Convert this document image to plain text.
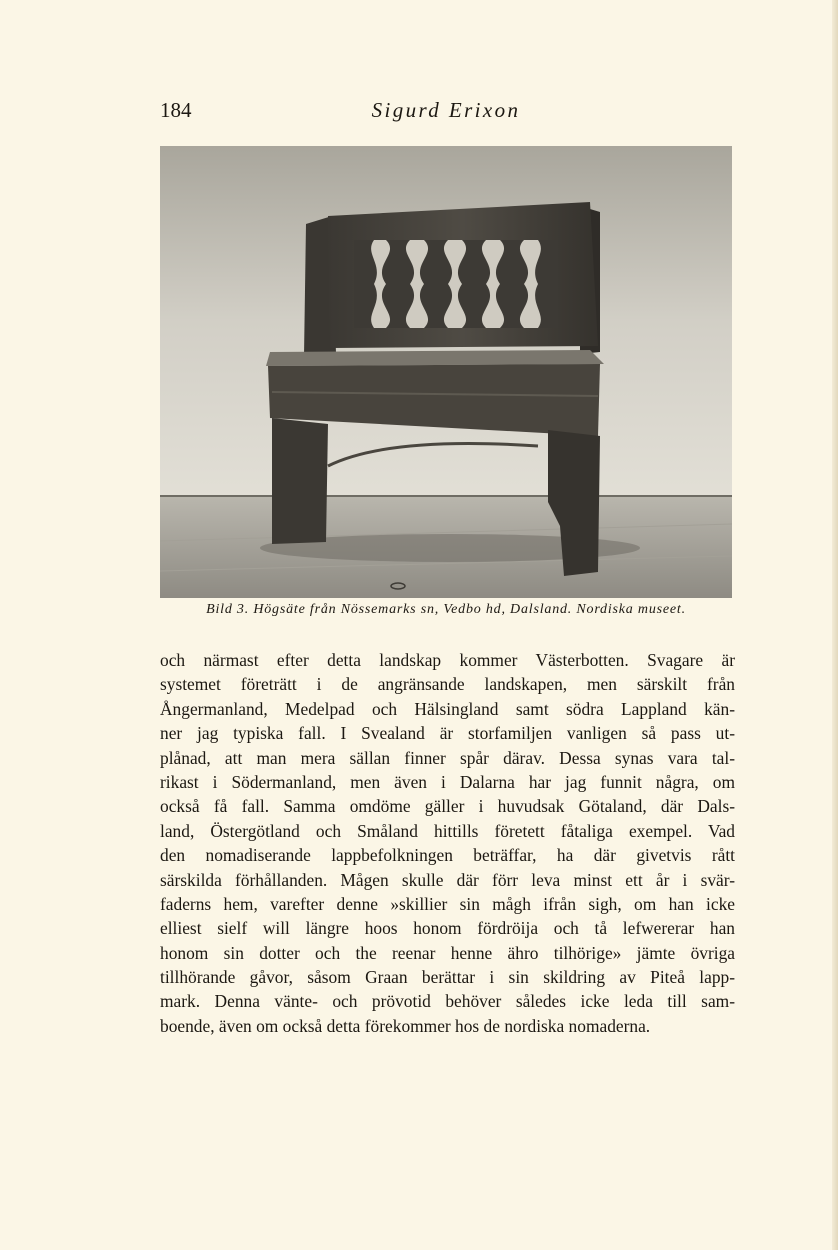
184	Sigurd Erixon
Bild 3. Högsäte från Nössemarks sn, Vedbo hd, Dalsland. Nordiska museet.
och närmast efter detta landskap kommer Västerbotten. Svagare är
systemet företrätt i de angränsande landskapen, men särskilt från
Ångermanland, Medelpad och Hälsingland samt södra Lappland kän-
ner jag typiska fall. I Svealand är storfamiljen vanligen så pass ut-
plånad, att man mera sällan finner spår därav. Dessa synas vara tal-
rikast i Södermanland, men även i Dalarna har jag funnit några, om
också få fall. Samma omdöme gäller i huvudsak Götaland, där Dals-
land, Östergötland och Småland hittills företett fåtaliga exempel. Vad
den nomadiserande lappbefolkningen beträffar, ha där givetvis rått
särskilda förhållanden. Mågen skulle där förr leva minst ett år i svär-
faderns hem, varefter denne »skillier sin mågh ifrån sigh, om han icke
elliest sielf will längre hoos honom fördröija och tå lefwererar han
honom sin dotter och the reenar henne ähro tilhörige» jämte övriga
tillhörande gåvor, såsom Graan berättar i sin skildring av Piteå lapp-
mark. Denna vänte- och prövotid behöver således icke leda till sam-
boende, även om också detta förekommer hos de nordiska nomaderna.
